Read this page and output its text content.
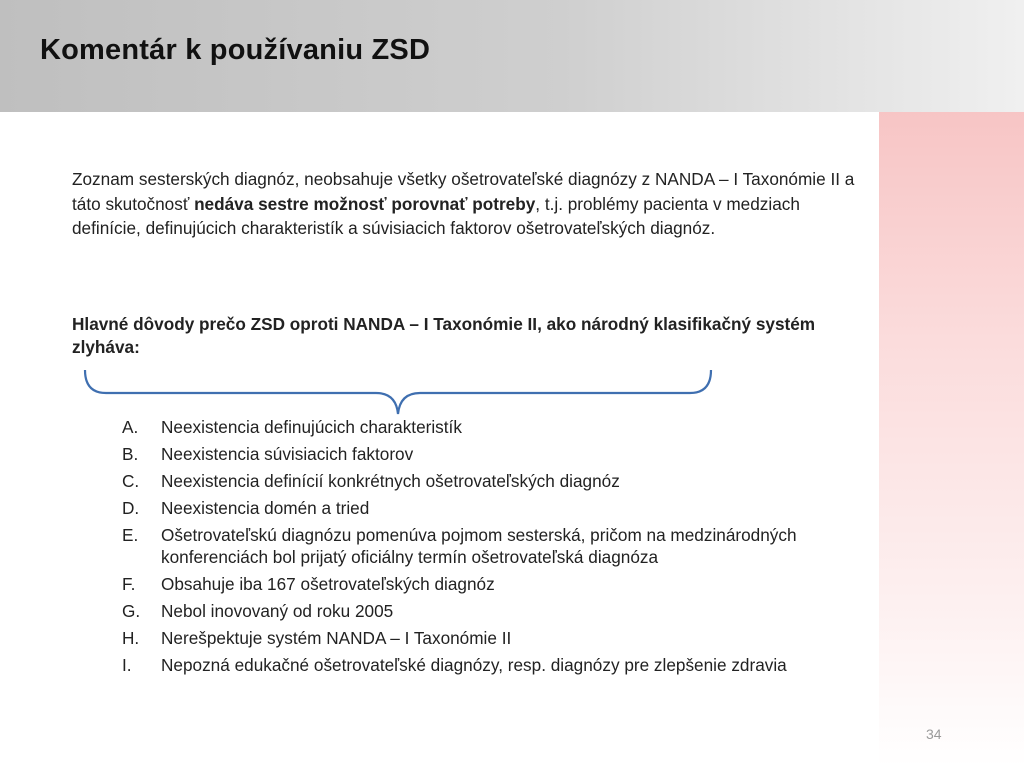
Komentár k používaniu ZSD

Zoznam sesterských diagnóz, neobsahuje všetky ošetrovateľské diagnózy z NANDA – I Taxonómie II a táto skutočnosť nedáva sestre možnosť porovnať potreby, t.j. problémy pacienta v medziach definície, definujúcich charakteristík a súvisiacich faktorov ošetrovateľských diagnóz.

Hlavné dôvody prečo ZSD oproti NANDA – I Taxonómie II, ako národný klasifikačný systém zlyháva:

A. Neexistencia definujúcich charakteristík
B. Neexistencia súvisiacich faktorov
C. Neexistencia definícií konkrétnych ošetrovateľských diagnóz
D. Neexistencia domén a tried
E. Ošetrovateľskú diagnózu pomenúva pojmom sesterská, pričom na medzinárodných konferenciách bol prijatý oficiálny termín ošetrovateľská diagnóza
F. Obsahuje iba 167 ošetrovateľských diagnóz
G. Nebol inovovaný od roku 2005
H. Nerešpektuje systém NANDA – I Taxonómie II
I. Nepozná edukačné ošetrovateľské diagnózy, resp. diagnózy pre zlepšenie zdravia
34
